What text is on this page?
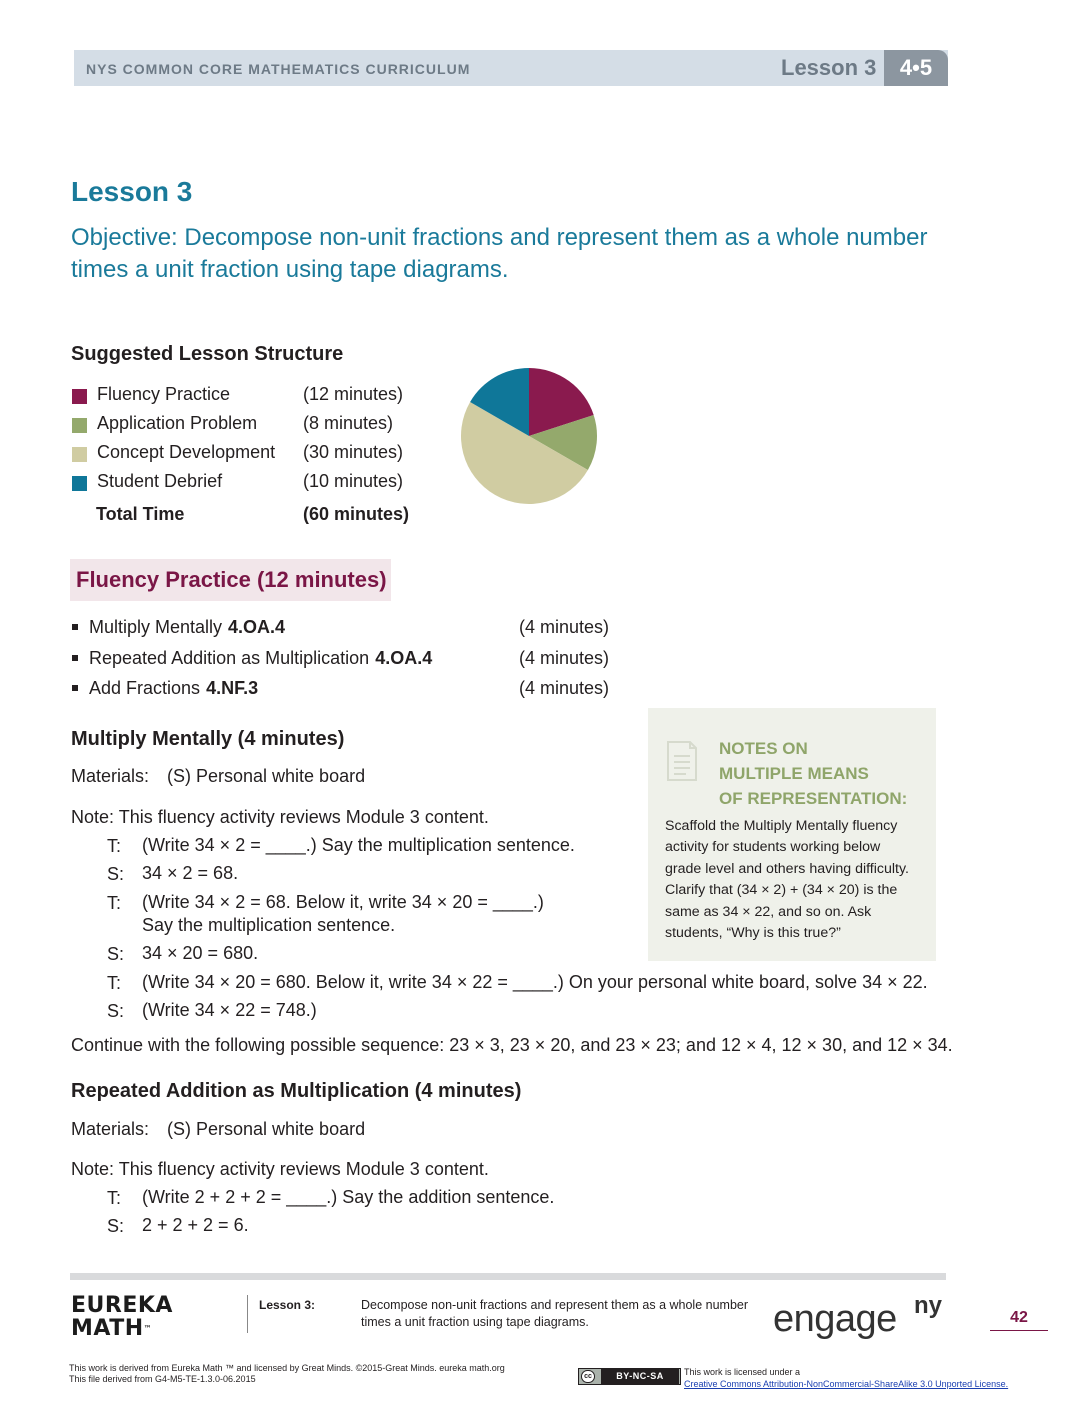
NYS COMMON CORE MATHEMATICS CURRICULUM	Lesson 3	4•5
Lesson 3
Objective: Decompose non-unit fractions and represent them as a whole number times a unit fraction using tape diagrams.
Suggested Lesson Structure
Fluency Practice	(12 minutes)
Application Problem	(8 minutes)
Concept Development (30 minutes)
Student Debrief	(10 minutes)
Total Time	(60 minutes)
Fluency Practice (12 minutes)
Multiply Mentally 4.OA.4	(4 minutes)
Repeated Addition as Multiplication 4.OA.4	(4 minutes)
Add Fractions 4.NF.3	(4 minutes)
Multiply Mentally (4 minutes)
Materials: (S) Personal white board
Note: This fluency activity reviews Module 3 content.
T: (Write 34 × 2 = ____.) Say the multiplication sentence.
S: 34 × 2 = 68.
T: (Write 34 × 2 = 68. Below it, write 34 × 20 = ____.)
Say the multiplication sentence.
S: 34 × 20 = 680.
T: (Write 34 × 20 = 680. Below it, write 34 × 22 = ____.) On your personal white board, solve 34 × 22.
S: (Write 34 × 22 = 748.)
Continue with the following possible sequence: 23 × 3, 23 × 20, and 23 × 23; and 12 × 4, 12 × 30, and 12 × 34.
NOTES ON
MULTIPLE MEANS
OF REPRESENTATION:
Scaffold the Multiply Mentally fluency
activity for students working below
grade level and others having difficulty.
Clarify that (34 × 2) + (34 × 20) is the
same as 34 × 22, and so on. Ask
students, “Why is this true?”
Repeated Addition as Multiplication (4 minutes)
Materials: (S) Personal white board
Note: This fluency activity reviews Module 3 content.
T: (Write 2 + 2 + 2 = ____.) Say the addition sentence.
S: 2 + 2 + 2 = 6.
EUREKA
MATH™
Lesson 3:	Decompose non-unit fractions and represent them as a whole number times a unit fraction using tape diagrams.	engage ny	42
This work is derived from Eureka Math ™ and licensed by Great Minds. ©2015-Great Minds. eureka math.org
This file derived from G4-M5-TE-1.3.0-06.2015	cc	BY-NC-SA	This work is licensed under a
Creative Commons Attribution-NonCommercial-ShareAlike 3.0 Unported License.
